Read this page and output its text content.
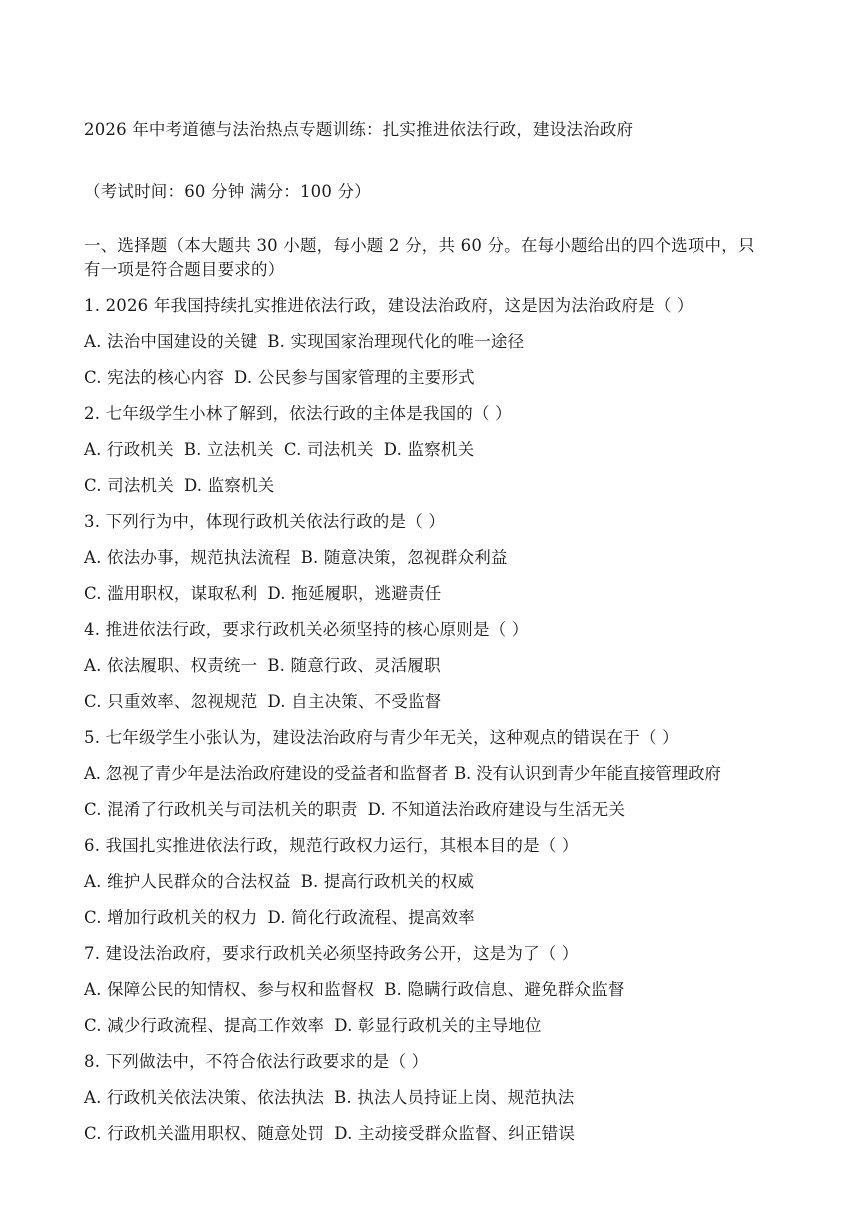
2026 年中考道德与法治热点专题训练：扎实推进依法行政，建设法治政府
（考试时间：60 分钟 满分：100 分）
一、选择题（本大题共 30 小题，每小题 2 分，共 60 分。在每小题给出的四个选项中，只
有一项是符合题目要求的）
1. 2026 年我国持续扎实推进依法行政，建设法治政府，这是因为法治政府是（ ）
A. 法治中国建设的关键 B. 实现国家治理现代化的唯一途径
C. 宪法的核心内容 D. 公民参与国家管理的主要形式
2. 七年级学生小林了解到，依法行政的主体是我国的（ ）
A. 行政机关 B. 立法机关 C. 司法机关 D. 监察机关
C. 司法机关 D. 监察机关
3. 下列行为中，体现行政机关依法行政的是（ ）
A. 依法办事，规范执法流程 B. 随意决策，忽视群众利益
C. 滥用职权，谋取私利 D. 拖延履职，逃避责任
4. 推进依法行政，要求行政机关必须坚持的核心原则是（ ）
A. 依法履职、权责统一 B. 随意行政、灵活履职
C. 只重效率、忽视规范 D. 自主决策、不受监督
5. 七年级学生小张认为，建设法治政府与青少年无关，这种观点的错误在于（ ）
A. 忽视了青少年是法治政府建设的受益者和监督者 B. 没有认识到青少年能直接管理政府
C. 混淆了行政机关与司法机关的职责 D. 不知道法治政府建设与生活无关
6. 我国扎实推进依法行政，规范行政权力运行，其根本目的是（ ）
A. 维护人民群众的合法权益 B. 提高行政机关的权威
C. 增加行政机关的权力 D. 简化行政流程、提高效率
7. 建设法治政府，要求行政机关必须坚持政务公开，这是为了（ ）
A. 保障公民的知情权、参与权和监督权 B. 隐瞒行政信息、避免群众监督
C. 减少行政流程、提高工作效率 D. 彰显行政机关的主导地位
8. 下列做法中，不符合依法行政要求的是（ ）
A. 行政机关依法决策、依法执法 B. 执法人员持证上岗、规范执法
C. 行政机关滥用职权、随意处罚 D. 主动接受群众监督、纠正错误
